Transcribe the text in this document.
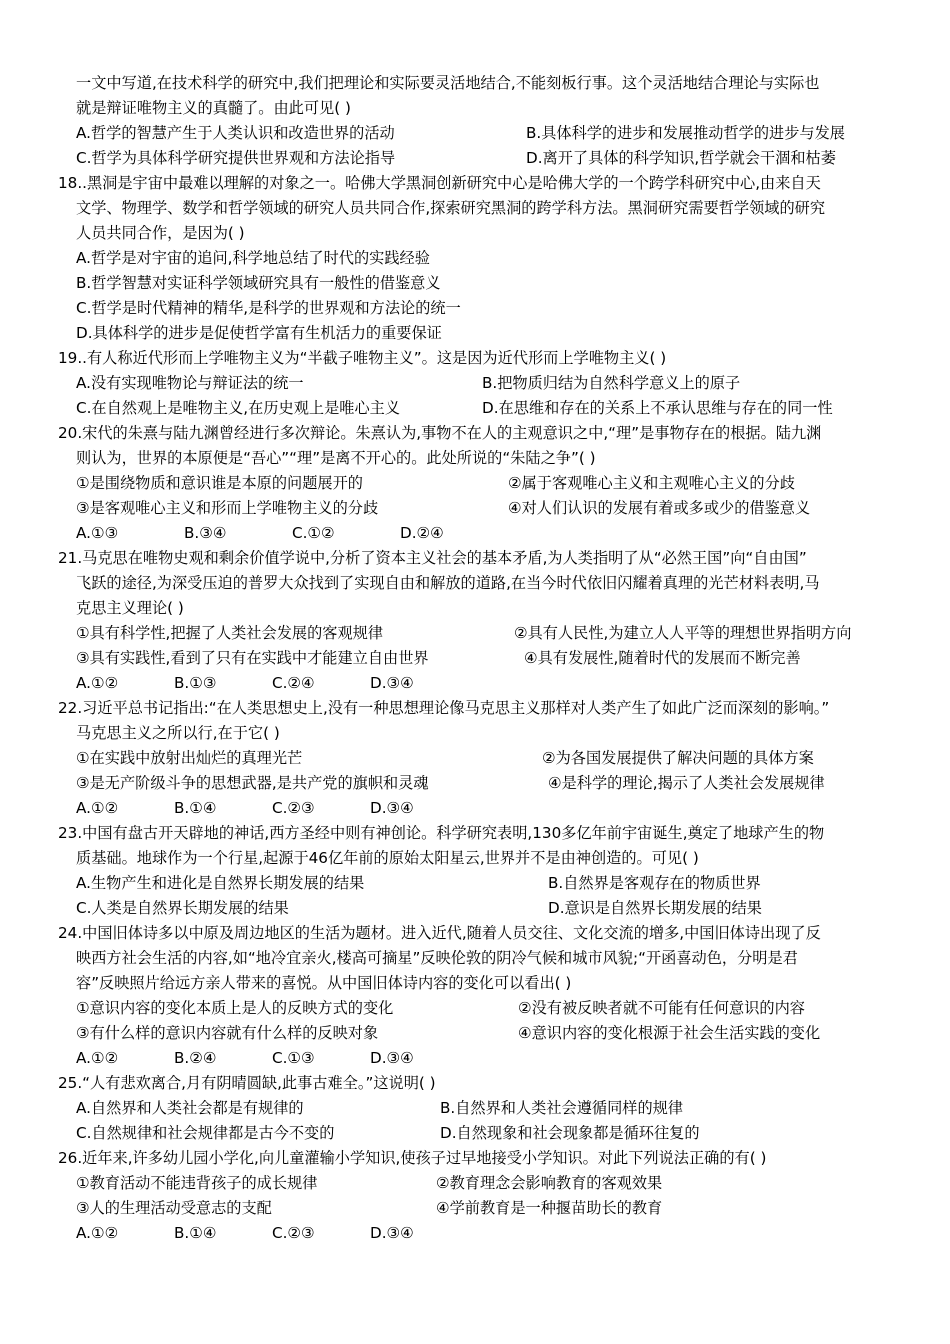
一文中写道,在技术科学的研究中,我们把理论和实际要灵活地结合,不能刻板行事。这个灵活地结合理论与实际也
就是辩证唯物主义的真髓了。由此可见( )
A.哲学的智慧产生于人类认识和改造世界的活动	B.具体科学的进步和发展推动哲学的进步与发展
C.哲学为具体科学研究提供世界观和方法论指导	D.离开了具体的科学知识,哲学就会干涸和枯萎
18..黑洞是宇宙中最难以理解的对象之一。哈佛大学黑洞创新研究中心是哈佛大学的一个跨学科研究中心,由来自天
文学、物理学、数学和哲学领域的研究人员共同合作,探索研究黑洞的跨学科方法。黑洞研究需要哲学领域的研究
人员共同合作，是因为( )
A.哲学是对宇宙的追问,科学地总结了时代的实践经验
B.哲学智慧对实证科学领域研究具有一般性的借鉴意义
C.哲学是时代精神的精华,是科学的世界观和方法论的统一
D.具体科学的进步是促使哲学富有生机活力的重要保证
19..有人称近代形而上学唯物主义为“半截子唯物主义”。这是因为近代形而上学唯物主义( )
A.没有实现唯物论与辩证法的统一	B.把物质归结为自然科学意义上的原子
C.在自然观上是唯物主义,在历史观上是唯心主义	D.在思维和存在的关系上不承认思维与存在的同一性
20.宋代的朱熹与陆九渊曾经进行多次辩论。朱熹认为,事物不在人的主观意识之中,“理”是事物存在的根据。陆九渊
则认为，世界的本原便是“吾心”“理”是离不开心的。此处所说的“朱陆之争”( )
①是围绕物质和意识谁是本原的问题展开的	②属于客观唯心主义和主观唯心主义的分歧
③是客观唯心主义和形而上学唯物主义的分歧	④对人们认识的发展有着或多或少的借鉴意义
A.①③	B.③④	C.①②	D.②④
21.马克思在唯物史观和剩余价值学说中,分析了资本主义社会的基本矛盾,为人类指明了从“必然王国”向“自由国”
飞跃的途径,为深受压迫的普罗大众找到了实现自由和解放的道路,在当今时代依旧闪耀着真理的光芒材料表明,马
克思主义理论( )
①具有科学性,把握了人类社会发展的客观规律	②具有人民性,为建立人人平等的理想世界指明方向
③具有实践性,看到了只有在实践中才能建立自由世界	④具有发展性,随着时代的发展而不断完善
A.①②	B.①③	C.②④	D.③④
22.习近平总书记指出:“在人类思想史上,没有一种思想理论像马克思主义那样对人类产生了如此广泛而深刻的影响。”
马克思主义之所以行,在于它( )
①在实践中放射出灿烂的真理光芒	②为各国发展提供了解决问题的具体方案
③是无产阶级斗争的思想武器,是共产党的旗帜和灵魂	④是科学的理论,揭示了人类社会发展规律
A.①②	B.①④	C.②③	D.③④
23.中国有盘古开天辟地的神话,西方圣经中则有神创论。科学研究表明,130多亿年前宇宙诞生,奠定了地球产生的物
质基础。地球作为一个行星,起源于46亿年前的原始太阳星云,世界并不是由神创造的。可见( )
A.生物产生和进化是自然界长期发展的结果	B.自然界是客观存在的物质世界
C.人类是自然界长期发展的结果	D.意识是自然界长期发展的结果
24.中国旧体诗多以中原及周边地区的生活为题材。进入近代,随着人员交往、文化交流的增多,中国旧体诗出现了反
映西方社会生活的内容,如“地冷宜亲火,楼高可摘星”反映伦敦的阴冷气候和城市风貌;“开函喜动色，分明是君
容”反映照片给远方亲人带来的喜悦。从中国旧体诗内容的变化可以看出( )
①意识内容的变化本质上是人的反映方式的变化	②没有被反映者就不可能有任何意识的内容
③有什么样的意识内容就有什么样的反映对象	④意识内容的变化根源于社会生活实践的变化
A.①②	B.②④	C.①③	D.③④
25.“人有悲欢离合,月有阴晴圆缺,此事古难全。”这说明( )
A.自然界和人类社会都是有规律的	B.自然界和人类社会遵循同样的规律
C.自然规律和社会规律都是古今不变的	D.自然现象和社会现象都是循环往复的
26.近年来,许多幼儿园小学化,向儿童灌输小学知识,使孩子过早地接受小学知识。对此下列说法正确的有( )
①教育活动不能违背孩子的成长规律	②教育理念会影响教育的客观效果
③人的生理活动受意志的支配	④学前教育是一种揠苗助长的教育
A.①②	B.①④	C.②③	D.③④
